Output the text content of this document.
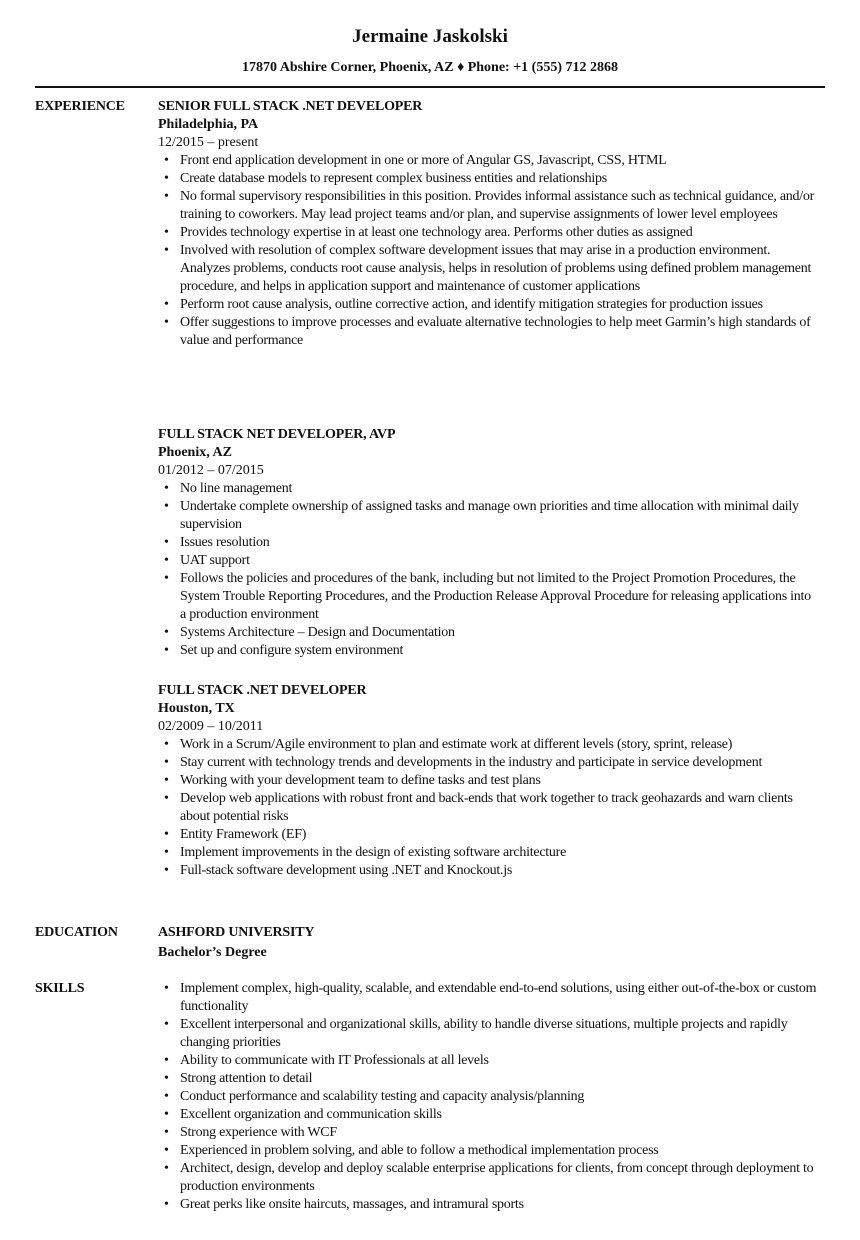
Jermaine Jaskolski
17870 Abshire Corner, Phoenix, AZ ♦ Phone: +1 (555) 712 2868
EXPERIENCE SENIOR FULL STACK .NET DEVELOPER
Philadelphia, PA
12/2015 – present
• Front end application development in one or more of Angular GS, Javascript, CSS, HTML
• Create database models to represent complex business entities and relationships
• No formal supervisory responsibilities in this position. Provides informal assistance such as technical guidance, and/or training to coworkers. May lead project teams and/or plan, and supervise assignments of lower level employees
• Provides technology expertise in at least one technology area. Performs other duties as assigned
• Involved with resolution of complex software development issues that may arise in a production environment. Analyzes problems, conducts root cause analysis, helps in resolution of problems using defined problem management procedure, and helps in application support and maintenance of customer applications
• Perform root cause analysis, outline corrective action, and identify mitigation strategies for production issues
• Offer suggestions to improve processes and evaluate alternative technologies to help meet Garmin’s high standards of value and performance
FULL STACK NET DEVELOPER, AVP
Phoenix, AZ
01/2012 – 07/2015
• No line management
• Undertake complete ownership of assigned tasks and manage own priorities and time allocation with minimal daily supervision
• Issues resolution
• UAT support
• Follows the policies and procedures of the bank, including but not limited to the Project Promotion Procedures, the System Trouble Reporting Procedures, and the Production Release Approval Procedure for releasing applications into a production environment
• Systems Architecture – Design and Documentation
• Set up and configure system environment
FULL STACK .NET DEVELOPER
Houston, TX
02/2009 – 10/2011
• Work in a Scrum/Agile environment to plan and estimate work at different levels (story, sprint, release)
• Stay current with technology trends and developments in the industry and participate in service development
• Working with your development team to define tasks and test plans
• Develop web applications with robust front and back-ends that work together to track geohazards and warn clients about potential risks
• Entity Framework (EF)
• Implement improvements in the design of existing software architecture
• Full-stack software development using .NET and Knockout.js
EDUCATION	ASHFORD UNIVERSITY
Bachelor’s Degree
SKILLS	• Implement complex, high-quality, scalable, and extendable end-to-end solutions, using either out-of-the-box or custom functionality
• Excellent interpersonal and organizational skills, ability to handle diverse situations, multiple projects and rapidly changing priorities
• Ability to communicate with IT Professionals at all levels
• Strong attention to detail
• Conduct performance and scalability testing and capacity analysis/planning
• Excellent organization and communication skills
• Strong experience with WCF
• Experienced in problem solving, and able to follow a methodical implementation process
• Architect, design, develop and deploy scalable enterprise applications for clients, from concept through deployment to production environments
• Great perks like onsite haircuts, massages, and intramural sports
